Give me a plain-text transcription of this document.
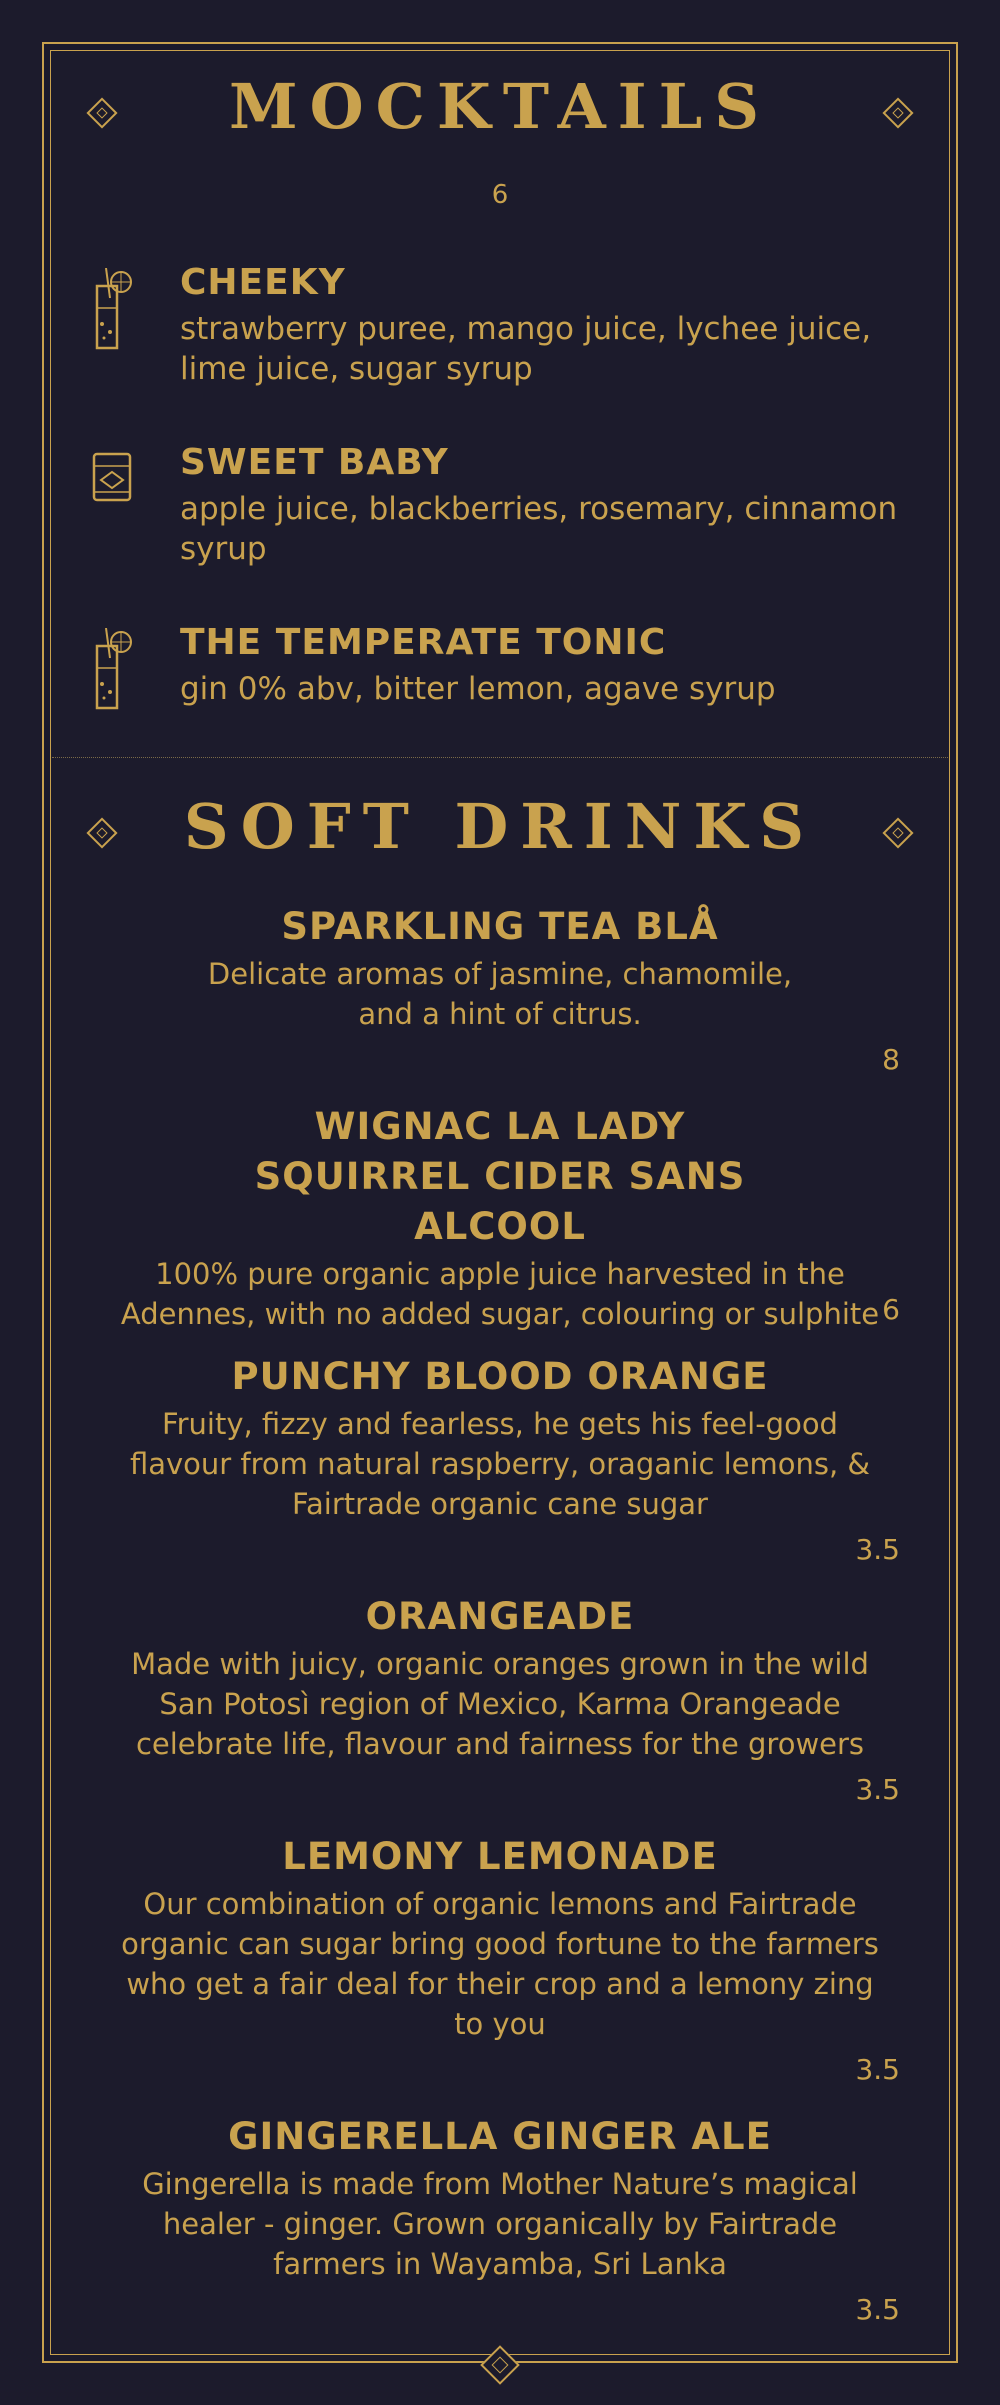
MOCKTAILS
6
CHEEKY
strawberry puree, mango juice, lychee juice, lime juice, sugar syrup
SWEET BABY
apple juice, blackberries, rosemary, cinnamon syrup
THE TEMPERATE TONIC
gin 0% abv, bitter lemon, agave syrup
SOFT DRINKS
SPARKLING TEA BLÅ
Delicate aromas of jasmine, chamomile, and a hint of citrus.
8
WIGNAC LA LADY SQUIRREL CIDER SANS ALCOOL
100% pure organic apple juice harvested in the Adennes, with no added sugar, colouring or sulphite 6
PUNCHY BLOOD ORANGE
Fruity, fizzy and fearless, he gets his feel-good flavour from natural raspberry, oraganic lemons, & Fairtrade organic cane sugar
3.5
ORANGEADE
Made with juicy, organic oranges grown in the wild San Potosì region of Mexico, Karma Orangeade celebrate life, flavour and fairness for the growers
3.5
LEMONY LEMONADE
Our combination of organic lemons and Fairtrade organic can sugar bring good fortune to the farmers who get a fair deal for their crop and a lemony zing to you
3.5
GINGERELLA GINGER ALE
Gingerella is made from Mother Nature’s magical healer - ginger. Grown organically by Fairtrade farmers in Wayamba, Sri Lanka
3.5
